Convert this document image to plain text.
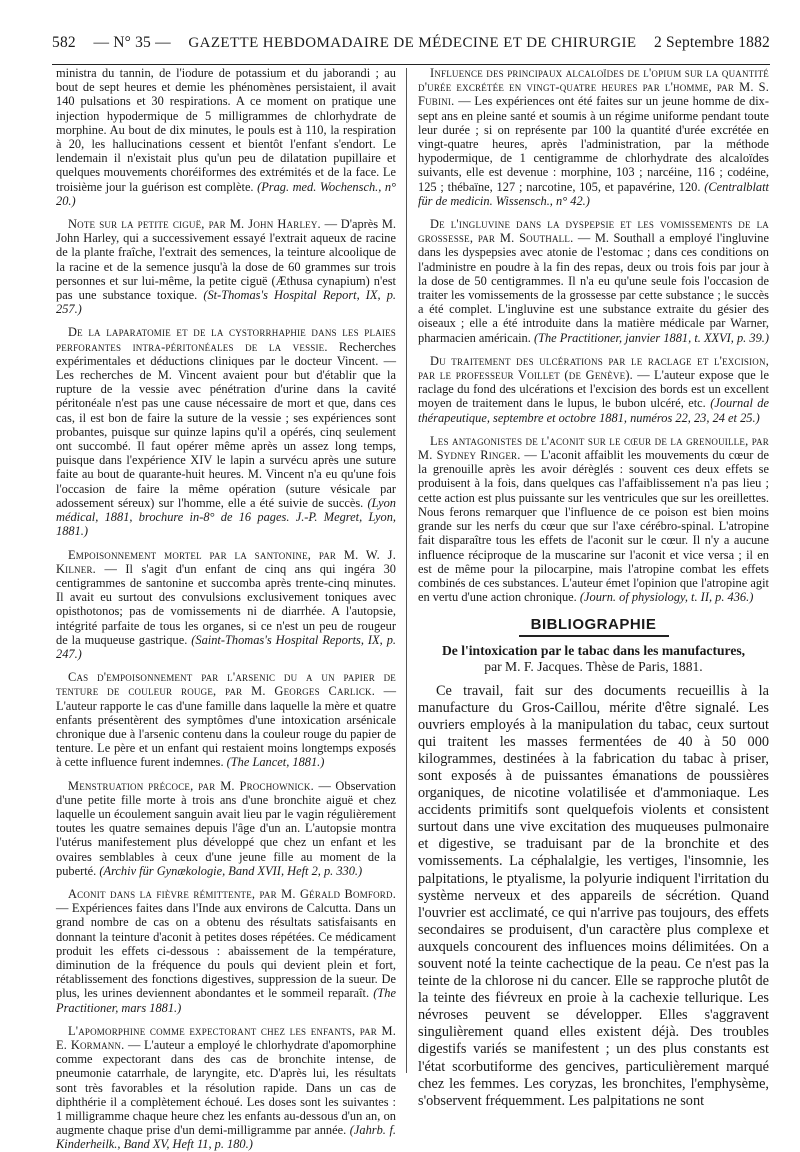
582 — N° 35 — GAZETTE HEBDOMADAIRE DE MÉDECINE ET DE CHIRURGIE 2 Septembre 1882

ministra du tannin, de l'iodure de potassium et du jaborandi ; au bout de sept heures et demie les phénomènes persistaient, il avait 140 pulsations et 30 respirations. A ce moment on pratique une injection hypodermique de 5 milligrammes de chlorhydrate de morphine. Au bout de dix minutes, le pouls est à 110, la respiration à 20, les hallucinations cessent et bientôt l'enfant s'endort. Le lendemain il n'existait plus qu'un peu de dilatation pupillaire et quelques mouvements choréiformes des extrémités et de la face. Le troisième jour la guérison est complète. (Prag. med. Wochensch., n° 20.)

Note sur la petite ciguë, par M. John Harley. — D'après M. John Harley, qui a successivement essayé l'extrait aqueux de racine de la plante fraîche, l'extrait des semences, la teinture alcoolique de la racine et de la semence jusqu'à la dose de 60 grammes sur trois personnes et sur lui-même, la petite ciguë (Æthusa cynapium) n'est pas une substance toxique. (St-Thomas's Hospital Report, IX, p. 257.)

De la laparatomie et de la cystorrhaphie dans les plaies perforantes intra-péritonéales de la vessie. Recherches expérimentales et déductions cliniques par le docteur Vincent. — Les recherches de M. Vincent avaient pour but d'établir que la rupture de la vessie avec pénétration d'urine dans la cavité péritonéale n'est pas une cause nécessaire de mort et que, dans ces cas, il est bon de faire la suture de la vessie ; ses expériences sont probantes, puisque sur quinze lapins qu'il a opérés, cinq seulement ont succombé. Il faut opérer même après un assez long temps, puisque dans l'expérience XIV le lapin a survécu après une suture faite au bout de quarante-huit heures. M. Vincent n'a eu qu'une fois l'occasion de faire la même opération (suture vésicale par adossement séreux) sur l'homme, elle a été suivie de succès. (Lyon médical, 1881, brochure in-8° de 16 pages. J.-P. Megret, Lyon, 1881.)

Empoisonnement mortel par la santonine, par M. W. J. Kilner. — Il s'agit d'un enfant de cinq ans qui ingéra 30 centigrammes de santonine et succomba après trente-cinq minutes. Il avait eu surtout des convulsions exclusivement toniques avec opisthotonos; pas de vomissements ni de diarrhée. A l'autopsie, intégrité parfaite de tous les organes, si ce n'est un peu de rougeur de la muqueuse gastrique. (Saint-Thomas's Hospital Reports, IX, p. 247.)

Cas d'empoisonnement par l'arsenic du a un papier de tenture de couleur rouge, par M. Georges Carlick. — L'auteur rapporte le cas d'une famille dans laquelle la mère et quatre enfants présentèrent des symptômes d'une intoxication arsénicale chronique due à l'arsenic contenu dans la couleur rouge du papier de tenture. Le père et un enfant qui restaient moins longtemps exposés à cette influence furent indemnes. (The Lancet, 1881.)

Menstruation précoce, par M. Prochownick. — Observation d'une petite fille morte à trois ans d'une bronchite aiguë et chez laquelle un écoulement sanguin avait lieu par le vagin régulièrement toutes les quatre semaines depuis l'âge d'un an. L'autopsie montra l'utérus manifestement plus développé que chez un enfant et les ovaires semblables à ceux d'une jeune fille au moment de la puberté. (Archiv für Gynækologie, Band XVII, Heft 2, p. 330.)

Aconit dans la fièvre rémittente, par M. Gérald Bomford. — Expériences faites dans l'Inde aux environs de Calcutta. Dans un grand nombre de cas on a obtenu des résultats satisfaisants en donnant la teinture d'aconit à petites doses répétées. Ce médicament produit les effets ci-dessous : abaissement de la température, diminution de la fréquence du pouls qui devient plein et fort, rétablissement des fonctions digestives, suppression de la sueur. De plus, les urines deviennent abondantes et le sommeil reparaît. (The Practitioner, mars 1881.)

L'apomorphine comme expectorant chez les enfants, par M. E. Kormann. — L'auteur a employé le chlorhydrate d'apomorphine comme expectorant dans des cas de bronchite intense, de pneumonie catarrhale, de laryngite, etc. D'après lui, les résultats sont très favorables et la résolution rapide. Dans un cas de diphthérie il a complètement échoué. Les doses sont les suivantes : 1 milligramme chaque heure chez les enfants au-dessous d'un an, on augmente chaque prise d'un demi-milligramme par année. (Jahrb. f. Kinderheilk., Band XV, Heft 11, p. 180.)

Influence des principaux alcaloïdes de l'opium sur la quantité d'urée excrétée en vingt-quatre heures par l'homme, par M. S. Fubini. — Les expériences ont été faites sur un jeune homme de dix-sept ans en pleine santé et soumis à un régime uniforme pendant toute leur durée ; si on représente par 100 la quantité d'urée excrétée en vingt-quatre heures, après l'administration, par la méthode hypodermique, de 1 centigramme de chlorhydrate des alcaloïdes suivants, elle est devenue : morphine, 103 ; narcéine, 116 ; codéine, 125 ; thébaïne, 127 ; narcotine, 105, et papavérine, 120. (Centralblatt für de medicin. Wissensch., n° 42.)

De l'ingluvine dans la dyspepsie et les vomissements de la grossesse, par M. Southall. — M. Southall a employé l'ingluvine dans les dyspepsies avec atonie de l'estomac ; dans ces conditions on l'administre en poudre à la fin des repas, deux ou trois fois par jour à la dose de 50 centigrammes. Il n'a eu qu'une seule fois l'occasion de traiter les vomissements de la grossesse par cette substance ; le succès a été complet. L'ingluvine est une substance extraite du gésier des oiseaux ; elle a été introduite dans la matière médicale par Warner, pharmacien américain. (The Practitioner, janvier 1881, t. XXVI, p. 39.)

Du traitement des ulcérations par le raclage et l'excision, par le professeur Voillet (de Genève). — L'auteur expose que le raclage du fond des ulcérations et l'excision des bords est un excellent moyen de traitement dans le lupus, le bubon ulcéré, etc. (Journal de thérapeutique, septembre et octobre 1881, numéros 22, 23, 24 et 25.)

Les antagonistes de l'aconit sur le cœur de la grenouille, par M. Sydney Ringer. — L'aconit affaiblit les mouvements du cœur de la grenouille après les avoir dérèglés : souvent ces deux effets se produisent à la fois, dans quelques cas l'affaiblissement n'a pas lieu ; cette action est plus puissante sur les ventricules que sur les oreillettes. Nous ferons remarquer que l'influence de ce poison est bien moins grande sur les nerfs du cœur que sur l'axe cérébro-spinal. L'atropine fait disparaître tous les effets de l'aconit sur le cœur. Il n'y a aucune influence réciproque de la muscarine sur l'aconit et vice versa ; il en est de même pour la pilocarpine, mais l'atropine combat les effets combinés de ces substances. L'auteur émet l'opinion que l'atropine agit en vertu d'une action chronique. (Journ. of physiology, t. II, p. 436.)

BIBLIOGRAPHIE
De l'intoxication par le tabac dans les manufactures,
par M. F. Jacques. Thèse de Paris, 1881.

Ce travail, fait sur des documents recueillis à la manufacture du Gros-Caillou, mérite d'être signalé. Les ouvriers employés à la manipulation du tabac, ceux surtout qui traitent les masses fermentées de 40 à 50 000 kilogrammes, destinées à la fabrication du tabac à priser, sont exposés à de puissantes émanations de poussières organiques, de nicotine volatilisée et d'ammoniaque. Les accidents primitifs sont quelquefois violents et consistent surtout dans une vive excitation des muqueuses pulmonaire et digestive, se traduisant par de la bronchite et des vomissements. La céphalalgie, les vertiges, l'insomnie, les palpitations, le ptyalisme, la polyurie indiquent l'irritation du système nerveux et des appareils de sécrétion. Quand l'ouvrier est acclimaté, ce qui n'arrive pas toujours, des effets secondaires se produisent, d'un caractère plus complexe et auxquels concourent des influences moins délimitées. On a souvent noté la teinte cachectique de la peau. Ce n'est pas la teinte de la chlorose ni du cancer. Elle se rapproche plutôt de la teinte des fiévreux en proie à la cachexie tellurique. Les névroses peuvent se développer. Elles s'aggravent singulièrement quand elles existent déjà. Des troubles digestifs variés se manifestent ; un des plus constants est l'état scorbutiforme des gencives, particulièrement marqué chez les femmes. Les coryzas, les bronchites, l'emphysème, s'observent fréquemment. Les palpitations ne sont
